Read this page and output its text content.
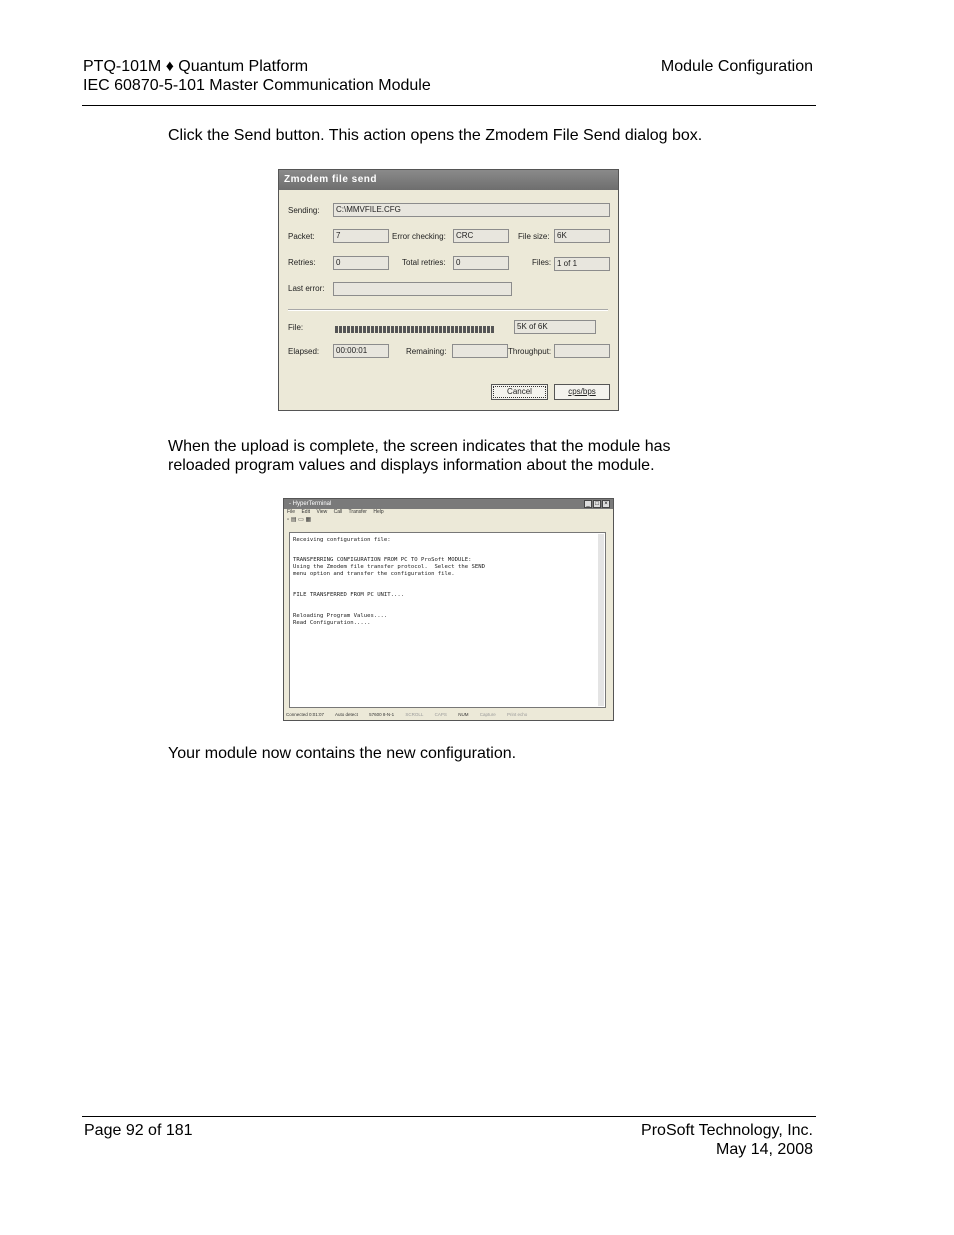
PTQ-101M ♦ Quantum Platform
IEC 60870-5-101 Master Communication Module
Module Configuration
Click the Send button. This action opens the Zmodem File Send dialog box.
Zmodem file send
Sending:	C:\MMVFILE.CFG
Packet:	7	Error checking:	CRC	File size: 6K
Retries:	0	Total retries:	0	Files: 1 of 1
Last error:
File:	5K of 6K
Elapsed:	00:00:01	Remaining:	Throughput:
Cancel	cps/bps
When the upload is complete, the screen indicates that the module has
reloaded program values and displays information about the module.
- HyperTerminal	_ □ ×
File Edit View Call Transfer Help
▫ ▤ ▭ ▦
Receiving configuration file:
TRANSFERRING CONFIGURATION FROM PC TO ProSoft MODULE:
Using the Zmodem file transfer protocol.  Select the SEND
menu option and transfer the configuration file.
FILE TRANSFERRED FROM PC UNIT....
Reloading Program Values....
Read Configuration.....
Connected 0:01:07 Auto detect	57600 8-N-1	SCROLL	CAPS	NUM	Capture	Print echo
Your module now contains the new configuration.
Page 92 of 181	ProSoft Technology, Inc.
May 14, 2008
